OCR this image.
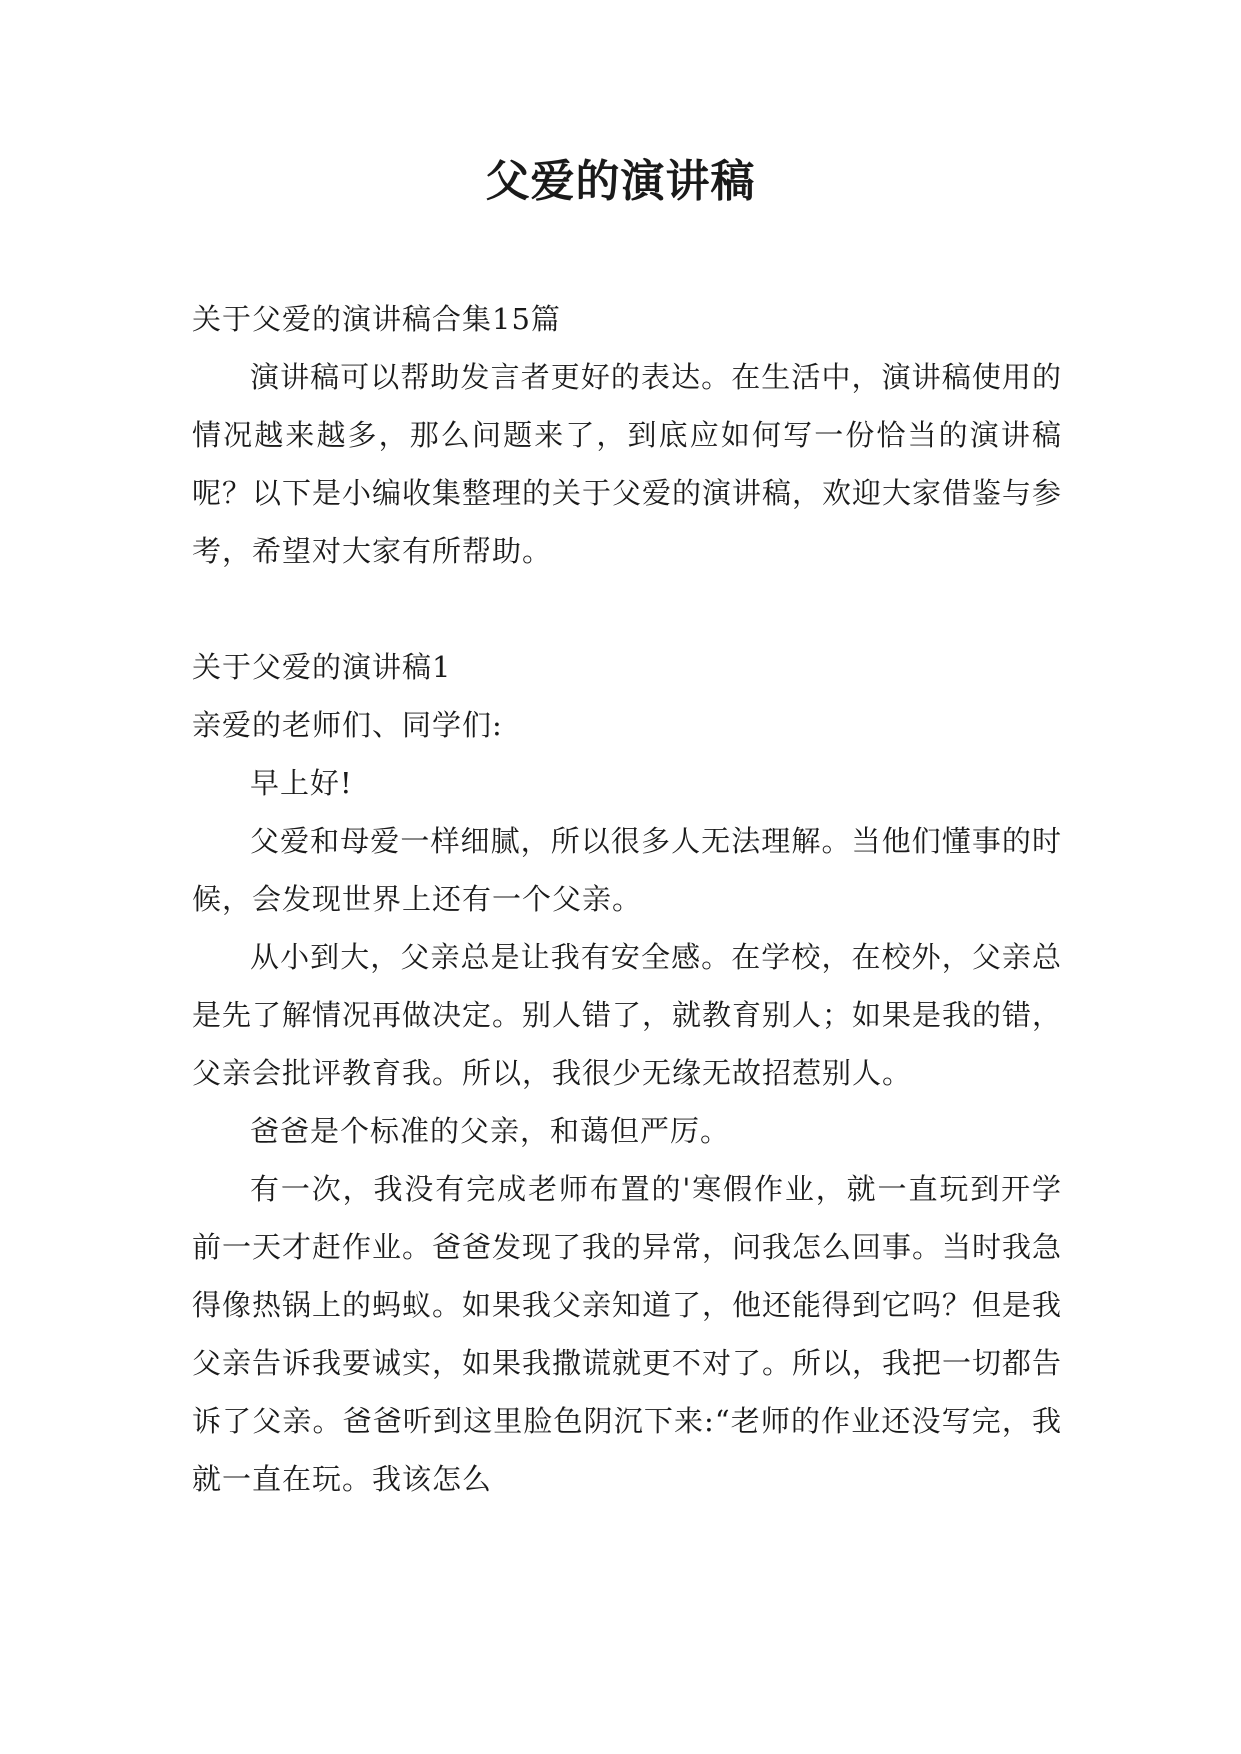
父爱的演讲稿

关于父爱的演讲稿合集15篇

演讲稿可以帮助发言者更好的表达。在生活中，演讲稿使用的情况越来越多，那么问题来了，到底应如何写一份恰当的演讲稿呢？以下是小编收集整理的关于父爱的演讲稿，欢迎大家借鉴与参考，希望对大家有所帮助。

关于父爱的演讲稿1

亲爱的老师们、同学们:

早上好!

父爱和母爱一样细腻，所以很多人无法理解。当他们懂事的时候，会发现世界上还有一个父亲。

从小到大，父亲总是让我有安全感。在学校，在校外，父亲总是先了解情况再做决定。别人错了，就教育别人；如果是我的错，父亲会批评教育我。所以，我很少无缘无故招惹别人。

爸爸是个标准的父亲，和蔼但严厉。

有一次，我没有完成老师布置的'寒假作业，就一直玩到开学前一天才赶作业。爸爸发现了我的异常，问我怎么回事。当时我急得像热锅上的蚂蚁。如果我父亲知道了，他还能得到它吗？但是我父亲告诉我要诚实，如果我撒谎就更不对了。所以，我把一切都告诉了父亲。爸爸听到这里脸色阴沉下来:“老师的作业还没写完，我就一直在玩。我该怎么
